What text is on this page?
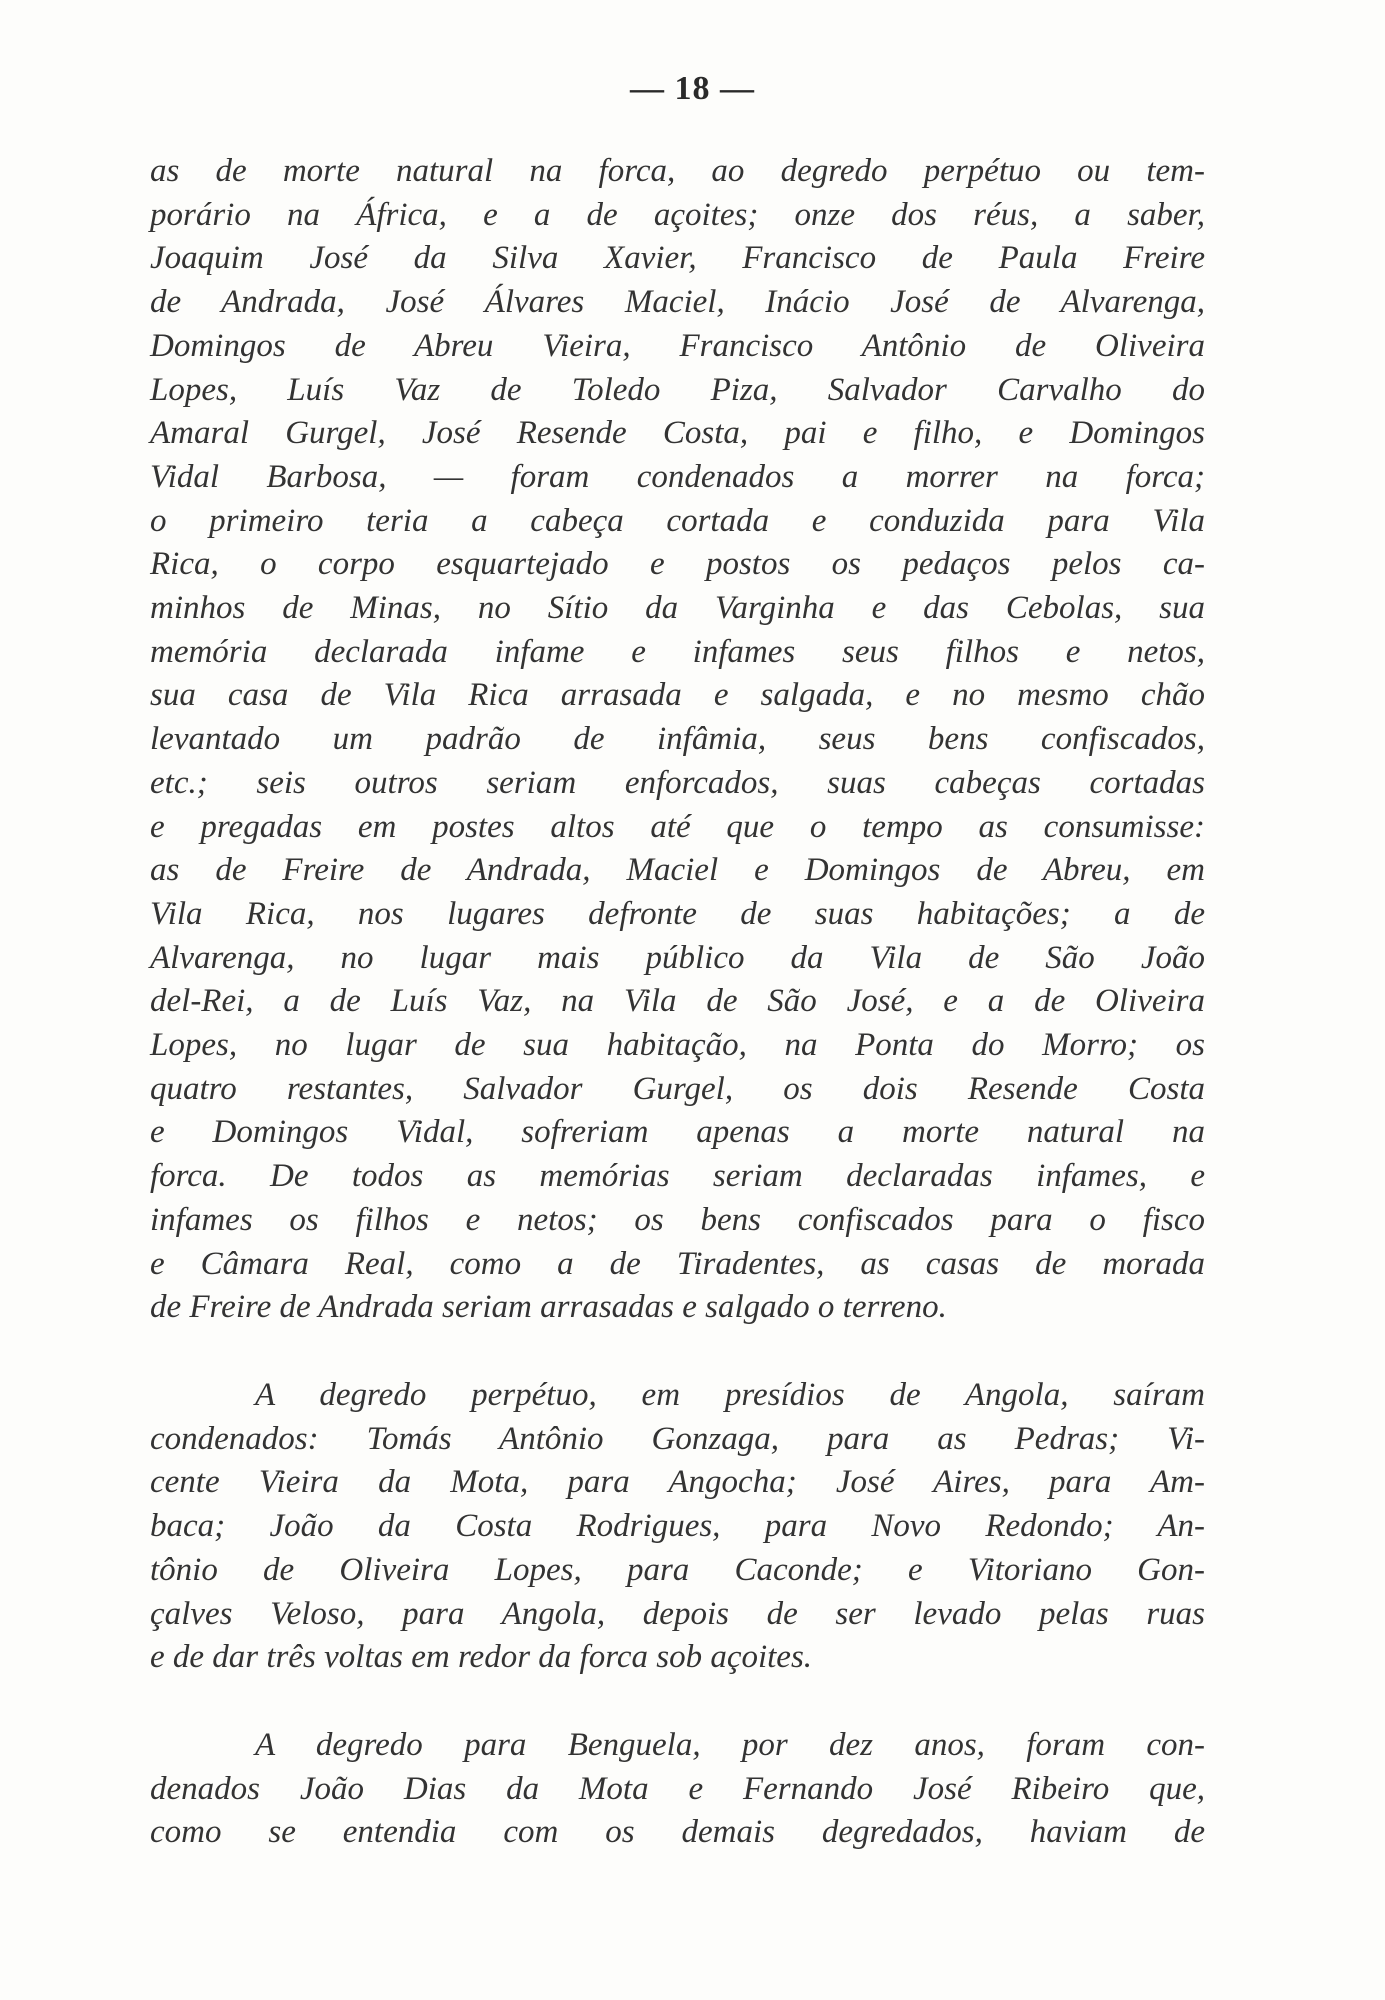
— 18 —

as de morte natural na forca, ao degredo perpétuo ou tem-
porário na África, e a de açoites; onze dos réus, a saber,
Joaquim José da Silva Xavier, Francisco de Paula Freire
de Andrada, José Álvares Maciel, Inácio José de Alvarenga,
Domingos de Abreu Vieira, Francisco Antônio de Oliveira
Lopes, Luís Vaz de Toledo Piza, Salvador Carvalho do
Amaral Gurgel, José Resende Costa, pai e filho, e Domingos
Vidal Barbosa, — foram condenados a morrer na forca;
o primeiro teria a cabeça cortada e conduzida para Vila
Rica, o corpo esquartejado e postos os pedaços pelos ca-
minhos de Minas, no Sítio da Varginha e das Cebolas, sua
memória declarada infame e infames seus filhos e netos,
sua casa de Vila Rica arrasada e salgada, e no mesmo chão
levantado um padrão de infâmia, seus bens confiscados,
etc.; seis outros seriam enforcados, suas cabeças cortadas
e pregadas em postes altos até que o tempo as consumisse:
as de Freire de Andrada, Maciel e Domingos de Abreu, em
Vila Rica, nos lugares defronte de suas habitações; a de
Alvarenga, no lugar mais público da Vila de São João
del-Rei, a de Luís Vaz, na Vila de São José, e a de Oliveira
Lopes, no lugar de sua habitação, na Ponta do Morro; os
quatro restantes, Salvador Gurgel, os dois Resende Costa
e Domingos Vidal, sofreriam apenas a morte natural na
forca. De todos as memórias seriam declaradas infames, e
infames os filhos e netos; os bens confiscados para o fisco
e Câmara Real, como a de Tiradentes, as casas de morada
de Freire de Andrada seriam arrasadas e salgado o terreno.

A degredo perpétuo, em presídios de Angola, saíram
condenados: Tomás Antônio Gonzaga, para as Pedras; Vi-
cente Vieira da Mota, para Angocha; José Aires, para Am-
baca; João da Costa Rodrigues, para Novo Redondo; An-
tônio de Oliveira Lopes, para Caconde; e Vitoriano Gon-
çalves Veloso, para Angola, depois de ser levado pelas ruas
e de dar três voltas em redor da forca sob açoites.

A degredo para Benguela, por dez anos, foram con-
denados João Dias da Mota e Fernando José Ribeiro que,
como se entendia com os demais degredados, haviam de
